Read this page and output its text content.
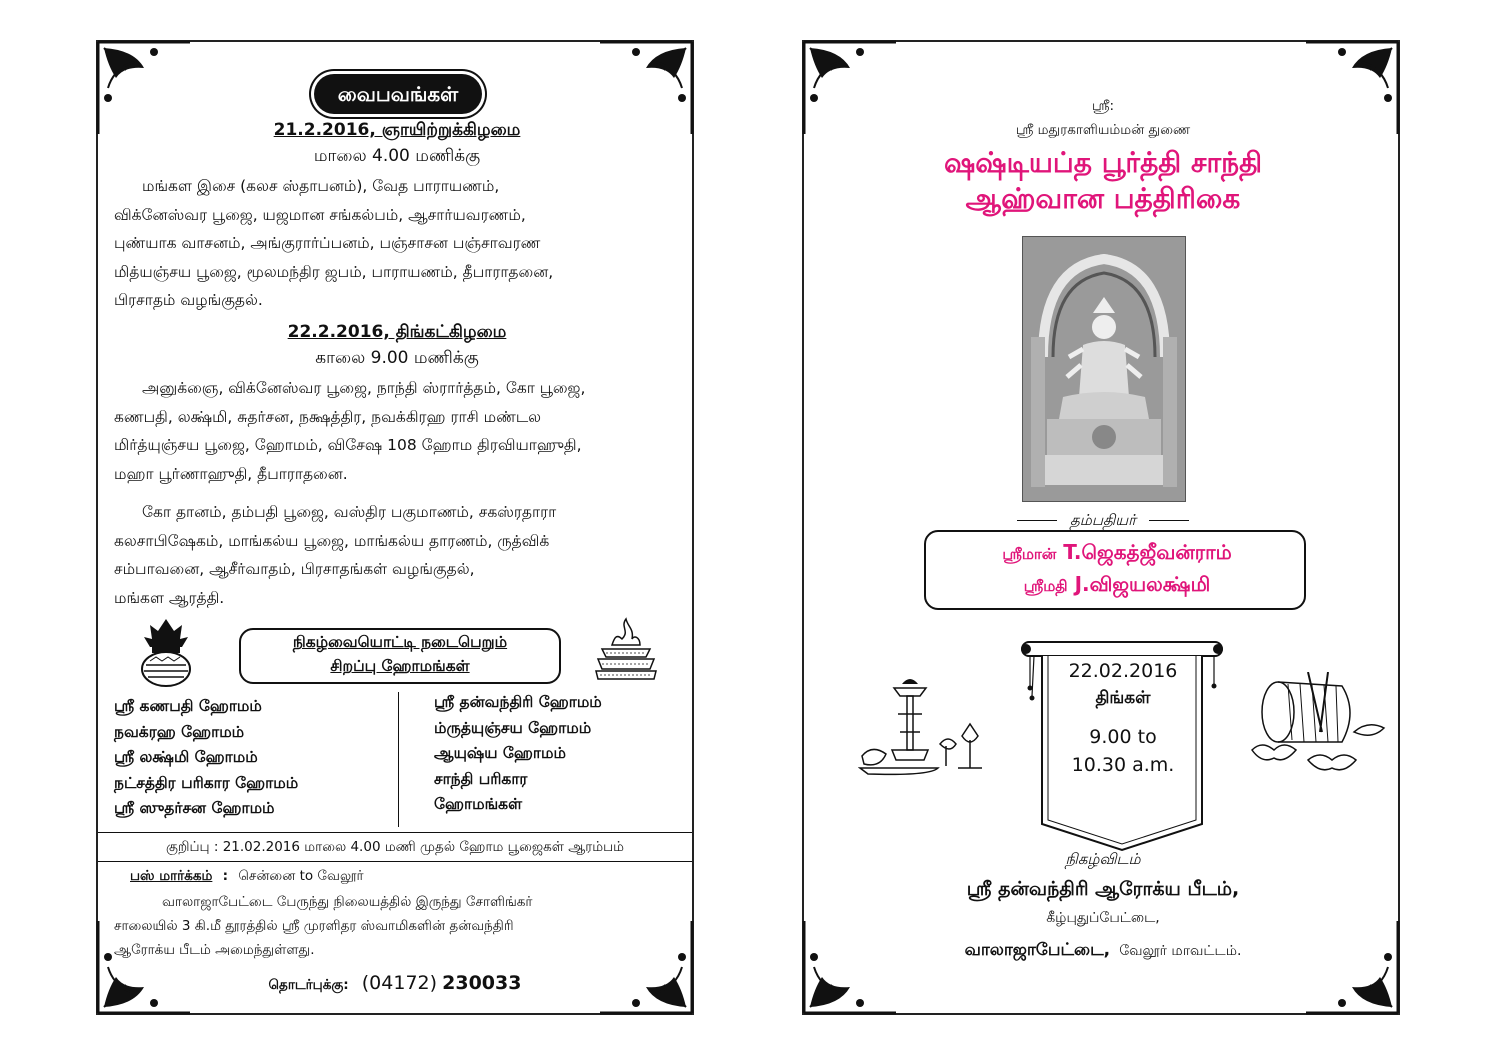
வைபவங்கள்
21.2.2016, ஞாயிற்றுக்கிழமை
மாலை 4.00 மணிக்கு
மங்கள இசை (கலச ஸ்தாபனம்), வேத பாராயணம்,
விக்னேஸ்வர பூஜை, யஜமான சங்கல்பம், ஆசார்யவரணம்,
புண்யாக வாசனம், அங்குரார்ப்பனம், பஞ்சாசன பஞ்சாவரண
மித்யஞ்சய பூஜை, மூலமந்திர ஜபம், பாராயணம், தீபாராதனை,
பிரசாதம் வழங்குதல்.
22.2.2016, திங்கட்கிழமை
காலை 9.00 மணிக்கு
அனுக்ஞை, விக்னேஸ்வர பூஜை, நாந்தி ஸ்ரார்த்தம், கோ பூஜை,
கணபதி, லக்ஷ்மி, சுதர்சன, நக்ஷத்திர, நவக்கிரஹ ராசி மண்டல
மிர்த்யுஞ்சய பூஜை, ஹோமம், விசேஷ 108 ஹோம திரவியாஹுதி,
மஹா பூர்ணாஹுதி, தீபாராதனை.
கோ தானம், தம்பதி பூஜை, வஸ்திர பகுமாணம், சகஸ்ரதாரா
கலசாபிஷேகம், மாங்கல்ய பூஜை, மாங்கல்ய தாரணம், ருத்விக்
சம்பாவனை, ஆசீர்வாதம், பிரசாதங்கள் வழங்குதல்,
மங்கள ஆரத்தி.
நிகழ்வையொட்டி நடைபெறும்
சிறப்பு ஹோமங்கள்
ஸ்ரீ கணபதி ஹோமம்
நவக்ரஹ ஹோமம்
ஸ்ரீ லக்ஷ்மி ஹோமம்
நட்சத்திர பரிகார ஹோமம்
ஸ்ரீ ஸுதர்சன ஹோமம்
ஸ்ரீ தன்வந்திரி ஹோமம்
ம்ருத்யுஞ்சய ஹோமம்
ஆயுஷ்ய ஹோமம்
சாந்தி பரிகார
ஹோமங்கள்
குறிப்பு : 21.02.2016 மாலை 4.00 மணி முதல் ஹோம பூஜைகள் ஆரம்பம்
பஸ் மார்க்கம் : சென்னை to வேலூர்
வாலாஜாபேட்டை பேருந்து நிலையத்தில் இருந்து சோளிங்கர்
சாலையில் 3 கி.மீ தூரத்தில் ஸ்ரீ முரளிதர ஸ்வாமிகளின் தன்வந்திரி
ஆரோக்ய பீடம் அமைந்துள்ளது.
தொடர்புக்கு: (04172) 230033
ஸ்ரீ:
ஸ்ரீ மதுரகாளியம்மன் துணை
ஷஷ்டியப்த பூர்த்தி சாந்தி
ஆஹ்வான பத்திரிகை
தம்பதியர்
ஸ்ரீமான் T.ஜெகத்ஜீவன்ராம்
ஸ்ரீமதி J.விஜயலக்ஷ்மி
22.02.2016
திங்கள்
9.00 to
10.30 a.m.
நிகழ்விடம்
ஸ்ரீ தன்வந்திரி ஆரோக்ய பீடம்,
கீழ்புதுப்பேட்டை,
வாலாஜாபேட்டை, வேலூர் மாவட்டம்.
